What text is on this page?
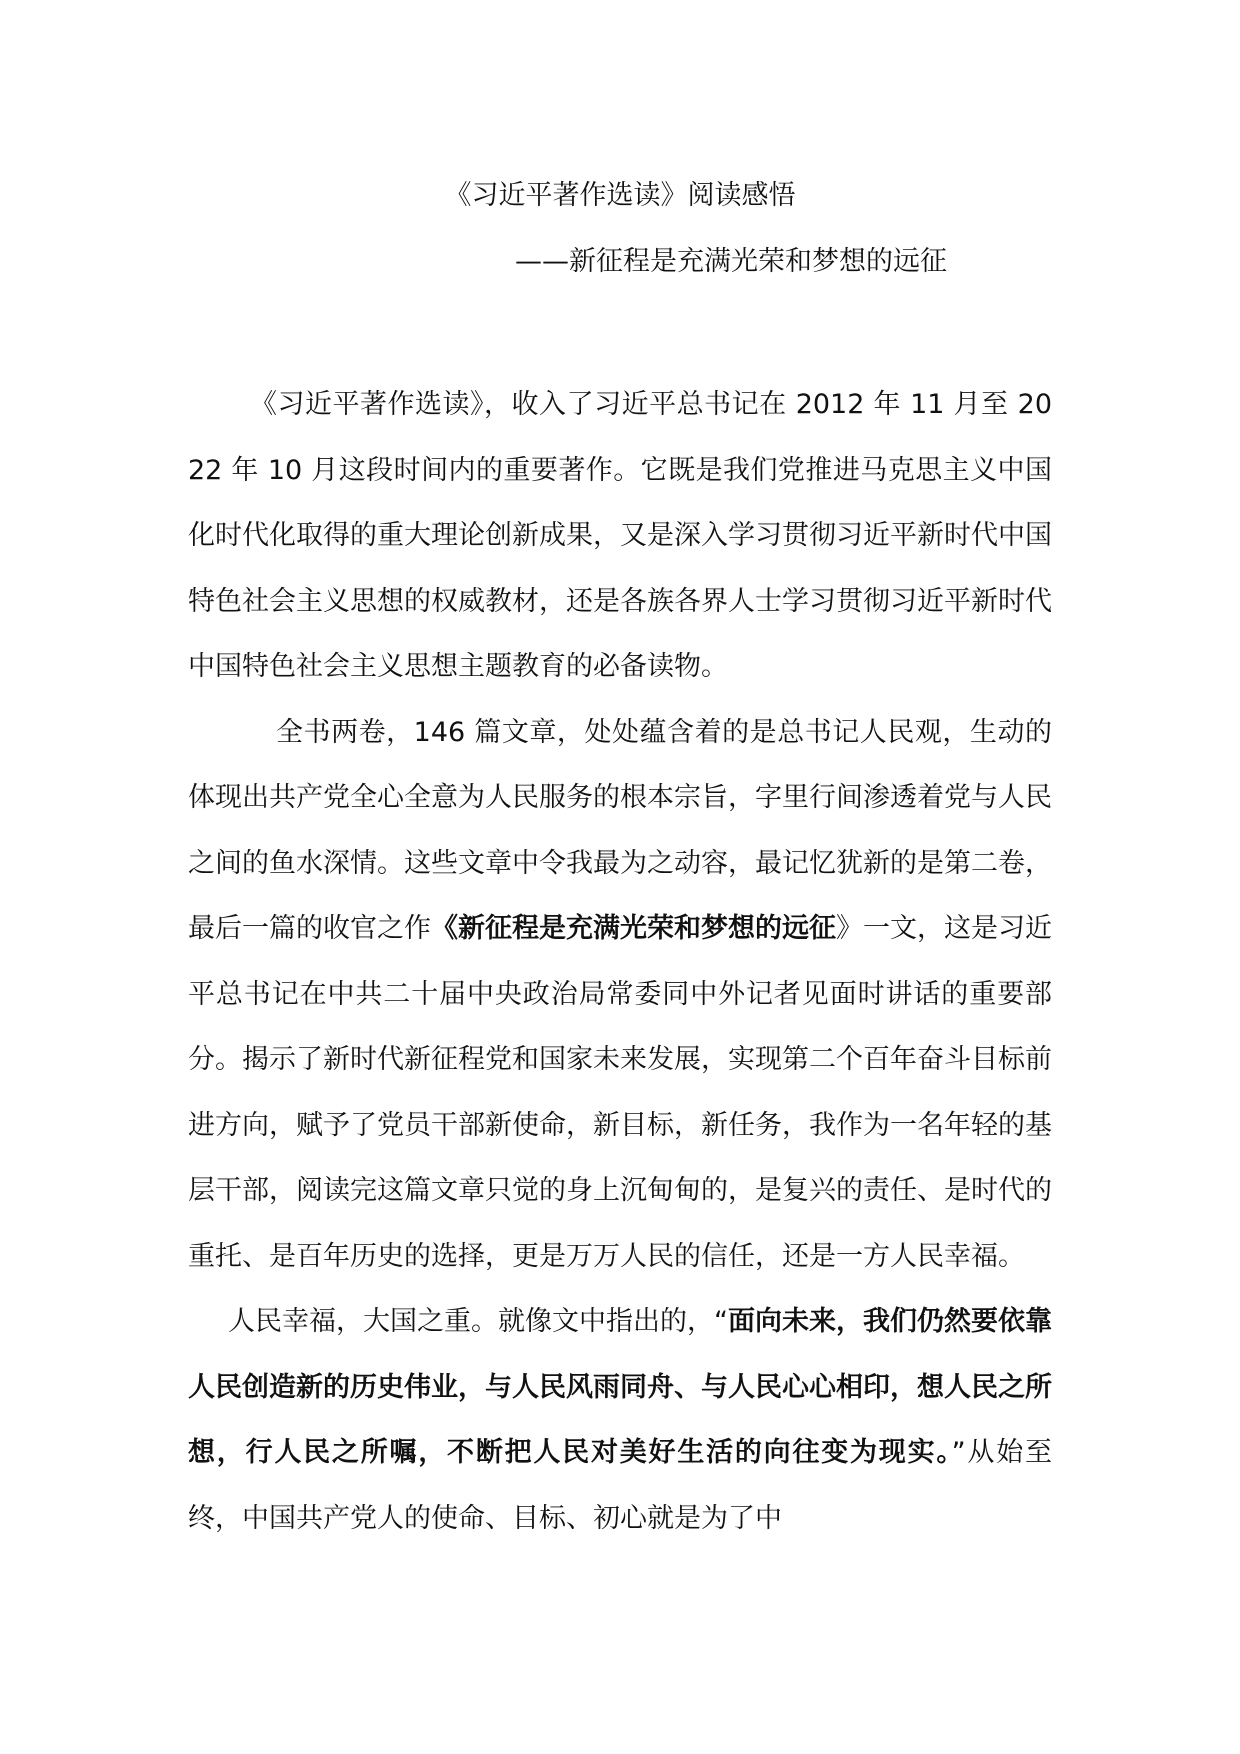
《习近平著作选读》阅读感悟
——新征程是充满光荣和梦想的远征

《习近平著作选读》，收入了习近平总书记在 2012 年 11 月至 2022 年 10 月这段时间内的重要著作。它既是我们党推进马克思主义中国化时代化取得的重大理论创新成果，又是深入学习贯彻习近平新时代中国特色社会主义思想的权威教材，还是各族各界人士学习贯彻习近平新时代中国特色社会主义思想主题教育的必备读物。

全书两卷，146 篇文章，处处蕴含着的是总书记人民观，生动的体现出共产党全心全意为人民服务的根本宗旨，字里行间渗透着党与人民之间的鱼水深情。这些文章中令我最为之动容，最记忆犹新的是第二卷，最后一篇的收官之作《新征程是充满光荣和梦想的远征》一文，这是习近平总书记在中共二十届中央政治局常委同中外记者见面时讲话的重要部分。揭示了新时代新征程党和国家未来发展，实现第二个百年奋斗目标前进方向，赋予了党员干部新使命，新目标，新任务，我作为一名年轻的基层干部，阅读完这篇文章只觉的身上沉甸甸的，是复兴的责任、是时代的重托、是百年历史的选择，更是万万人民的信任，还是一方人民幸福。

人民幸福，大国之重。就像文中指出的，“面向未来，我们仍然要依靠人民创造新的历史伟业，与人民风雨同舟、与人民心心相印，想人民之所想，行人民之所嘱，不断把人民对美好生活的向往变为现实。”从始至终，中国共产党人的使命、目标、初心就是为了中
